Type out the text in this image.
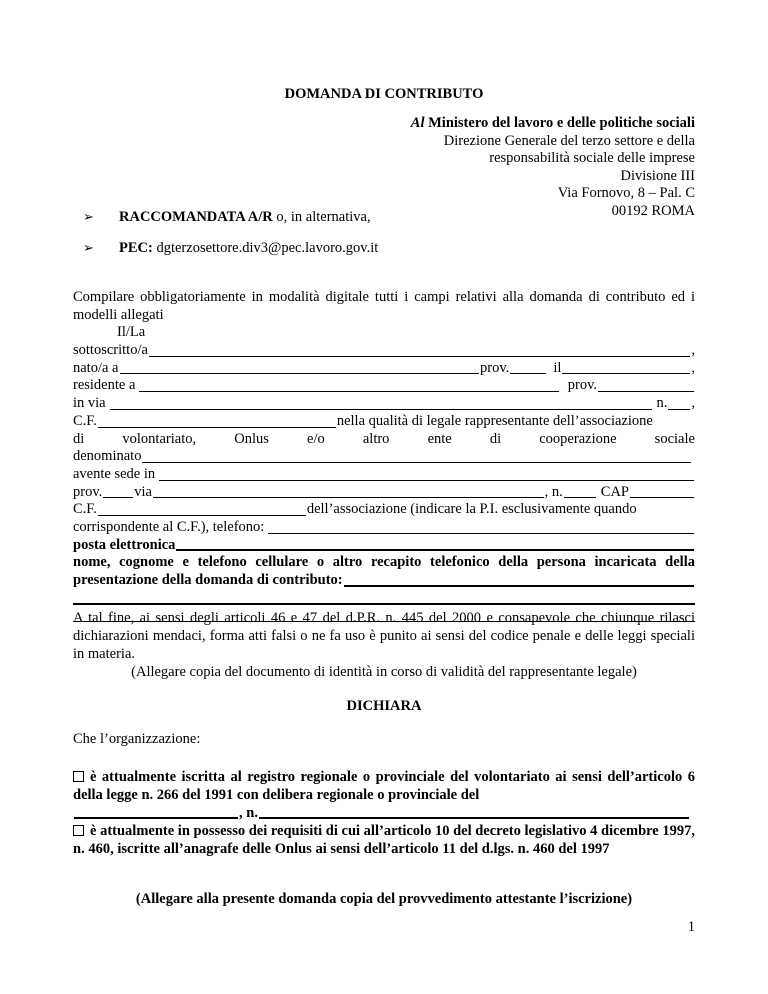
DOMANDA DI CONTRIBUTO
Al Ministero del lavoro e delle politiche sociali
Direzione Generale del terzo settore e della
responsabilità sociale delle imprese
Divisione III
Via Fornovo, 8 – Pal. C
00192 ROMA
➢	RACCOMANDATA A/R o, in alternativa,
➢	PEC: dgterzosettore.div3@pec.lavoro.gov.it
Compilare obbligatoriamente in modalità digitale tutti i campi relativi alla domanda di contributo ed i modelli allegati
Il/La
sottoscritto/a	,
nato/a a	prov.	il	,
residente a	prov.
in via	n. ,
C.F.	nella qualità di legale rappresentante dell’associazione
di	volontariato,	Onlus	e/o	altro	ente	di	cooperazione	sociale
denominato
avente sede in
prov. via	, n.	CAP
C.F.	dell’associazione (indicare la P.I. esclusivamente quando
corrispondente al C.F.), telefono:
posta elettronica
nome, cognome e telefono cellulare o altro recapito telefonico della persona incaricata della
presentazione della domanda di contributo:
A tal fine, ai sensi degli articoli 46 e 47 del d.P.R. n. 445 del 2000 e consapevole che chiunque rilasci dichiarazioni mendaci, forma atti falsi o ne fa uso è punito ai sensi del codice penale e delle leggi speciali in materia.
(Allegare copia del documento di identità in corso di validità del rappresentante legale)
DICHIARA
Che l’organizzazione:
è attualmente iscritta al registro regionale o provinciale del volontariato ai sensi dell’articolo 6 della legge n. 266 del 1991 con delibera regionale o provinciale del
, n.
è attualmente in possesso dei requisiti di cui all’articolo 10 del decreto legislativo 4 dicembre 1997, n. 460, iscritte all’anagrafe delle Onlus ai sensi dell’articolo 11 del d.lgs. n. 460 del 1997
(Allegare alla presente domanda copia del provvedimento attestante l’iscrizione)
1
